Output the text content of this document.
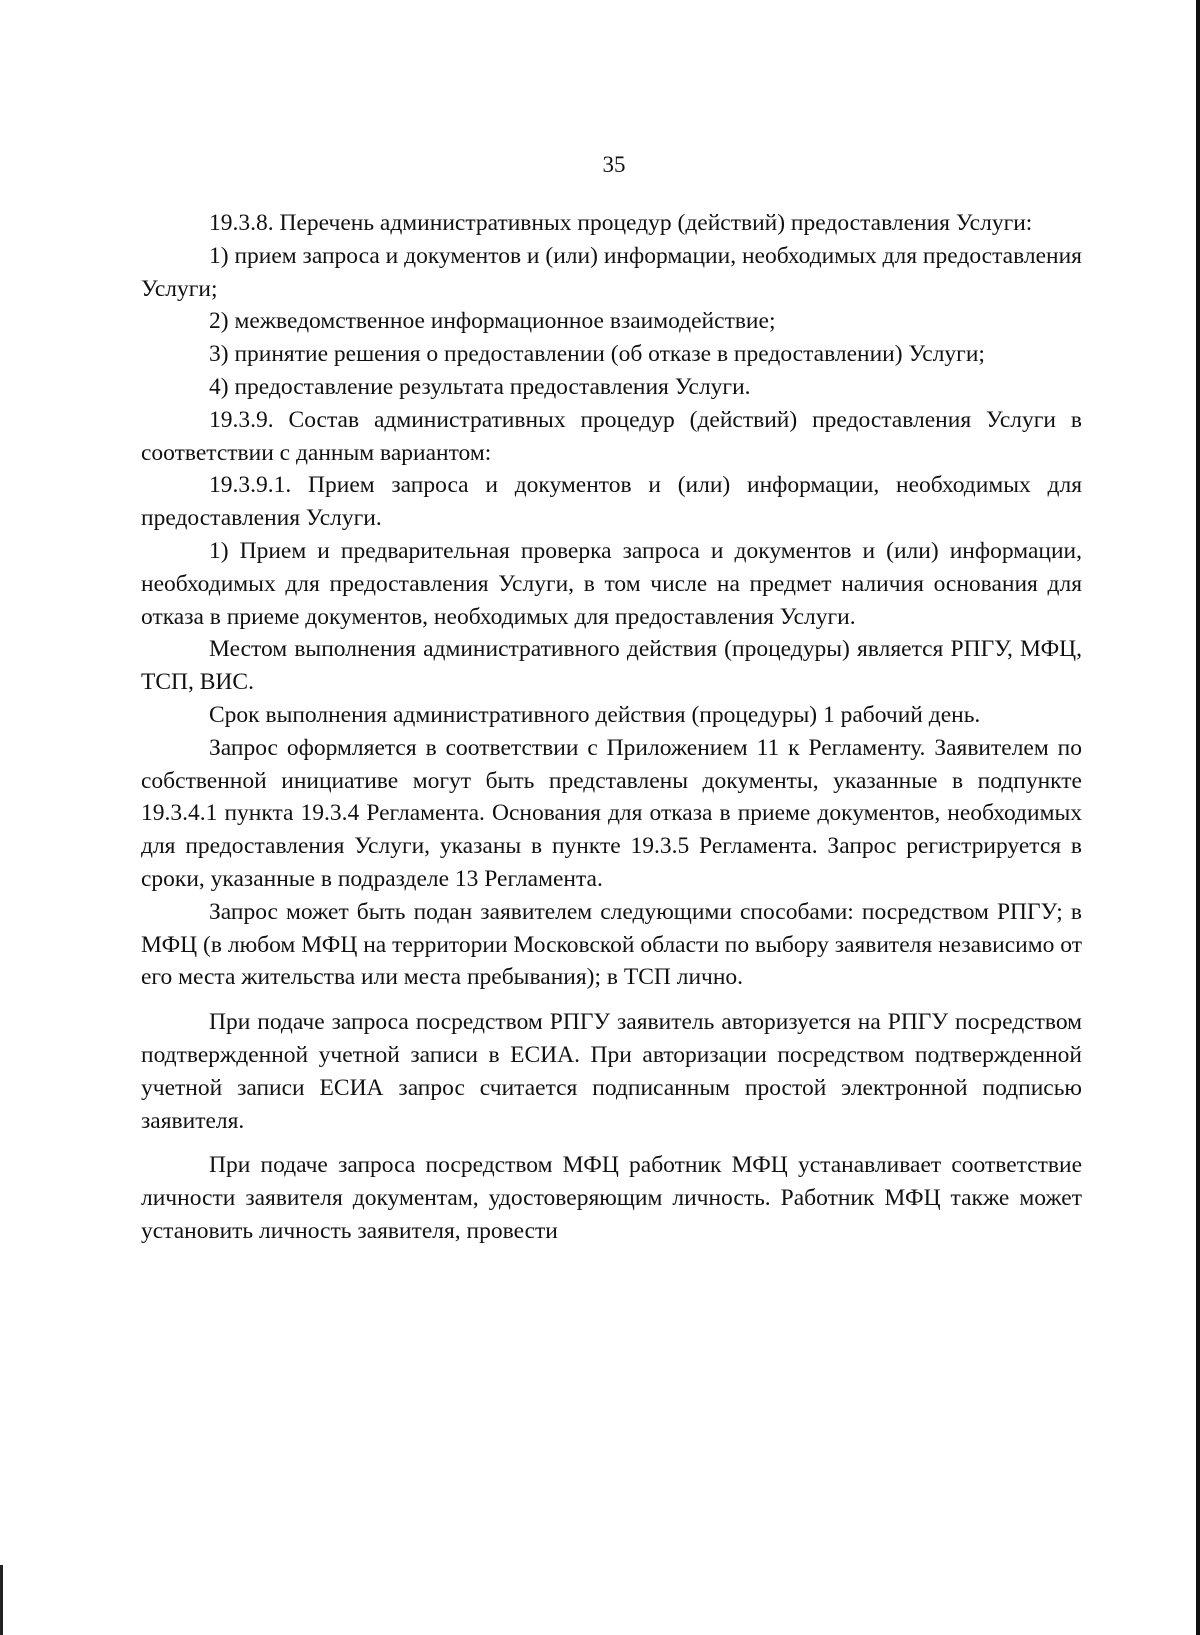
35

19.3.8. Перечень административных процедур (действий) предоставления Услуги:

1) прием запроса и документов и (или) информации, необходимых для предоставления Услуги;

2) межведомственное информационное взаимодействие;

3) принятие решения о предоставлении (об отказе в предоставлении) Услуги;

4) предоставление результата предоставления Услуги.

19.3.9. Состав административных процедур (действий) предоставления Услуги в соответствии с данным вариантом:

19.3.9.1. Прием запроса и документов и (или) информации, необходимых для предоставления Услуги.

1) Прием и предварительная проверка запроса и документов и (или) информации, необходимых для предоставления Услуги, в том числе на предмет наличия основания для отказа в приеме документов, необходимых для предоставления Услуги.

Местом выполнения административного действия (процедуры) является РПГУ, МФЦ, ТСП, ВИС.

Срок выполнения административного действия (процедуры) 1 рабочий день.

Запрос оформляется в соответствии с Приложением 11 к Регламенту. Заявителем по собственной инициативе могут быть представлены документы, указанные в подпункте 19.3.4.1 пункта 19.3.4 Регламента. Основания для отказа в приеме документов, необходимых для предоставления Услуги, указаны в пункте 19.3.5 Регламента. Запрос регистрируется в сроки, указанные в подразделе 13 Регламента.

Запрос может быть подан заявителем следующими способами: посредством РПГУ; в МФЦ (в любом МФЦ на территории Московской области по выбору заявителя независимо от его места жительства или места пребывания); в ТСП лично.

При подаче запроса посредством РПГУ заявитель авторизуется на РПГУ посредством подтвержденной учетной записи в ЕСИА. При авторизации посредством подтвержденной учетной записи ЕСИА запрос считается подписанным простой электронной подписью заявителя.

При подаче запроса посредством МФЦ работник МФЦ устанавливает соответствие личности заявителя документам, удостоверяющим личность. Работник МФЦ также может установить личность заявителя, провести
